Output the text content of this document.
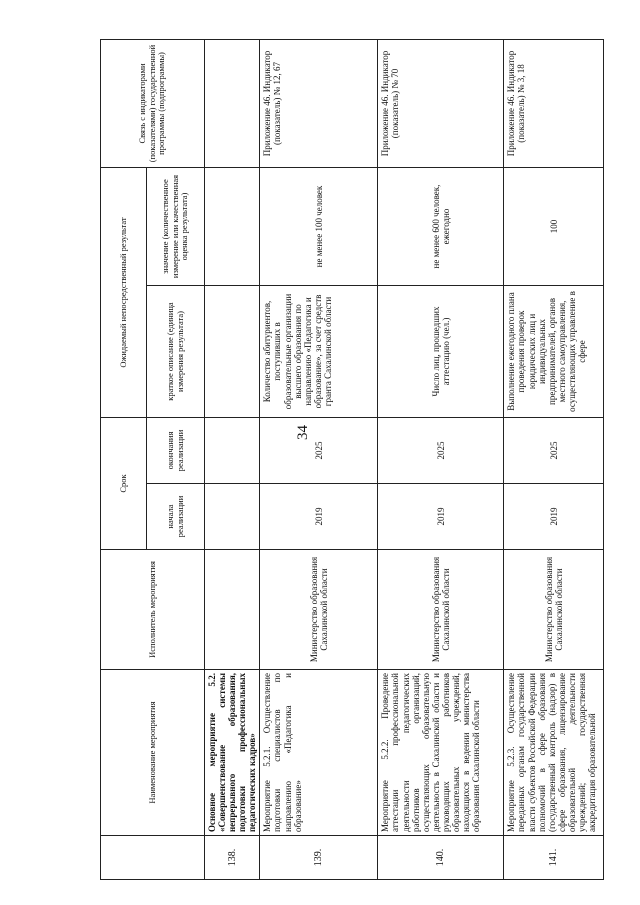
34
	Наименование мероприятия	Исполнитель мероприятия	Срок		Ожидаемый непосредственный результат		Связь с индикаторами (показателями) государственной программы (подпрограммы)
			начала реализации	окончания реализации	краткое описание (единица измерения результата)	значение (количественное измерение или качественная оценка результата)	

138.	Основное мероприятие 5.2. «Совершенствование системы непрерывного образования, подготовки профессиональных педагогических кадров»						
139.	Мероприятие 5.2.1. Осуществление подготовки специалистов по направлению «Педагогика и образование»	Министерство образования Сахалинской области	2019	2025	Количество абитуриентов, поступивших в образовательные организации высшего образования по направлению «Педагогика и образование», за счет средств гранта Сахалинской области	не менее 100 человек	Приложение 46. Индикатор (показатель) № 12, 67
140.	Мероприятие 5.2.2. Проведение аттестации профессиональной деятельности педагогических работников организаций, осуществляющих образовательную деятельность в Сахалинской области и руководящих работников образовательных учреждений, находящихся в ведении министерства образования Сахалинской области	Министерство образования Сахалинской области	2019	2025	Число лиц, прошедших аттестацию (чел.)	не менее 600 человек, ежегодно	Приложение 46. Индикатор (показатель) № 70
141.	Мероприятие 5.2.3. Осуществление переданных органам государственной власти субъектов Российской Федерации полномочий в сфере образования (государственный контроль (надзор) в сфере образования, лицензирование образовательной деятельности учреждений; государственная аккредитация образовательной	Министерство образования Сахалинской области	2019	2025	Выполнение ежегодного плана проведения проверок юридических лиц и индивидуальных предпринимателей, органов местного самоуправления, осуществляющих управление в сфере	100	Приложение 46. Индикатор (показатель) № 3, 18
